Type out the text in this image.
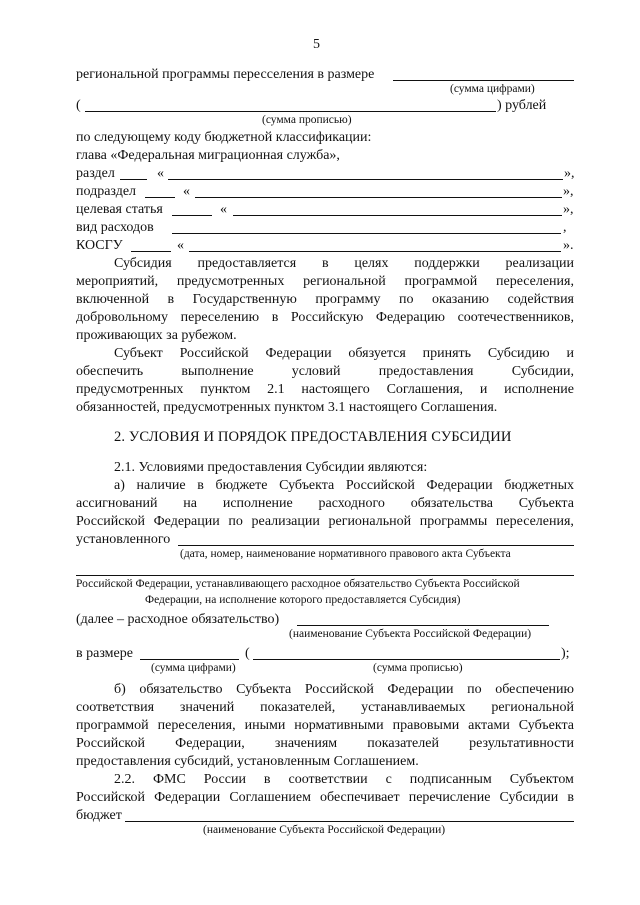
5
региональной программы пересселения в размере
(сумма цифрами)
(	) рублей
(сумма прописью)
по следующему коду бюджетной классификации:
глава «Федеральная миграционная служба»,
раздел	«	»,
подраздел	«	»,
целевая статья	«	»,
вид расходов	,
КОСГУ	«	».
Субсидия предоставляется в целях поддержки реализации
мероприятий, предусмотренных региональной программой переселения,
включенной в Государственную программу по оказанию содействия
добровольному переселению в Российскую Федерацию соотечественников,
проживающих за рубежом.
Субъект Российской Федерации обязуется принять Субсидию и
обеспечить	выполнение	условий	предоставления	Субсидии,
предусмотренных пунктом 2.1 настоящего Соглашения, и исполнение
обязанностей, предусмотренных пунктом 3.1 настоящего Соглашения.
2. УСЛОВИЯ И ПОРЯДОК ПРЕДОСТАВЛЕНИЯ СУБСИДИИ
2.1. Условиями предоставления Субсидии являются:
а) наличие в бюджете Субъекта Российской Федерации бюджетных
ассигнований на исполнение расходного обязательства Субъекта
Российской Федерации по реализации региональной программы переселения,
установленного
(дата, номер, наименование нормативного правового акта Субъекта
Российской Федерации, устанавливающего расходное обязательство Субъекта Российской
Федерации, на исполнение которого предоставляется Субсидия)
(далее – расходное обязательство)
(наименование Субъекта Российской Федерации)
в размере	(	);
(сумма цифрами)	(сумма прописью)
б) обязательство Субъекта Российской Федерации по обеспечению
соответствия значений показателей, устанавливаемых региональной
программой переселения, иными нормативными правовыми актами Субъекта
Российской Федерации, значениям показателей результативности
предоставления субсидий, установленным Соглашением.
2.2. ФМС России в соответствии с подписанным Субъектом
Российской Федерации Соглашением обеспечивает перечисление Субсидии в
бюджет
(наименование Субъекта Российской Федерации)
